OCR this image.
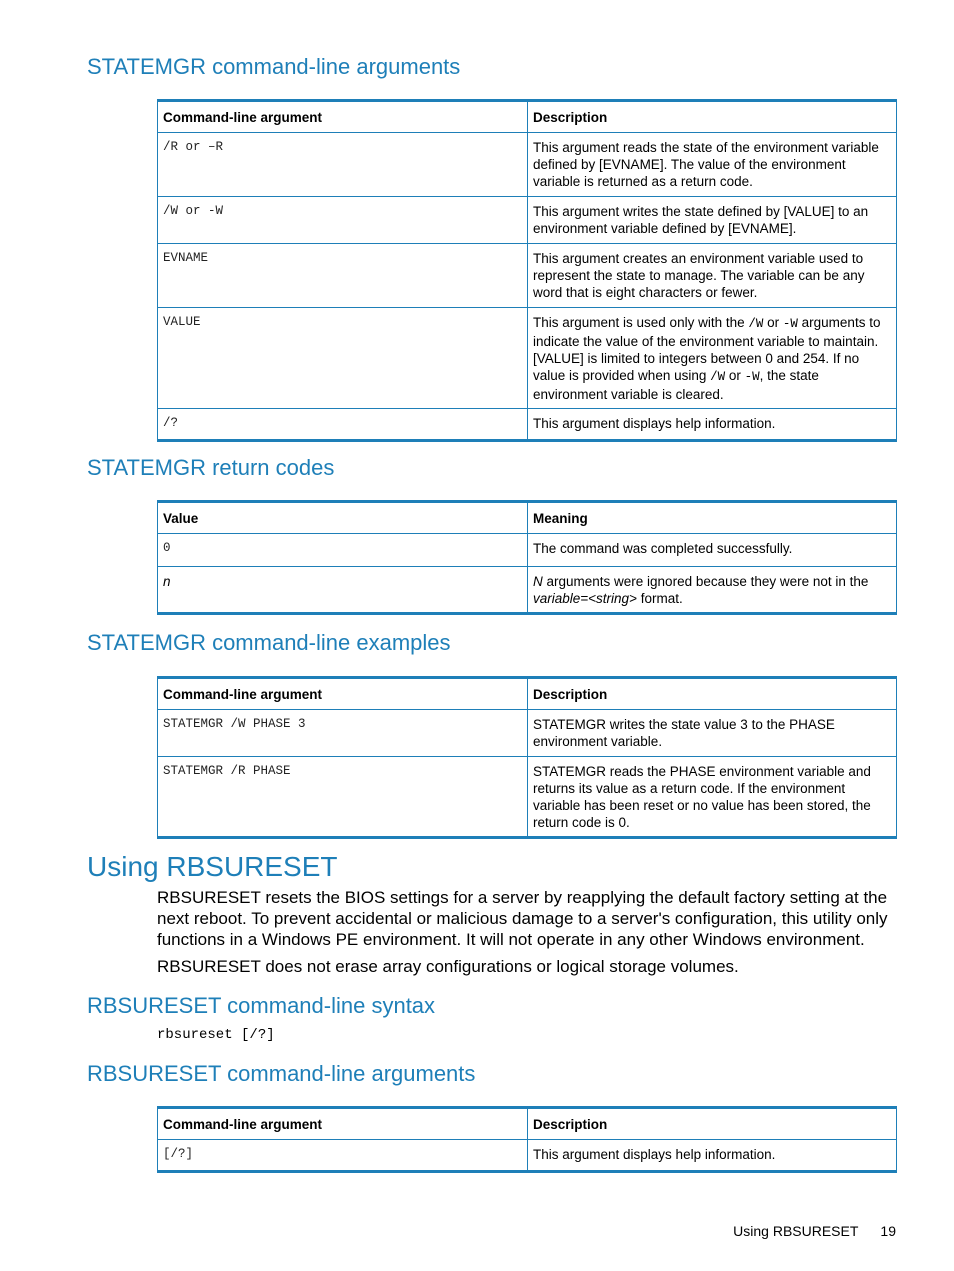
STATEMGR command-line arguments
Command-line argument	Description
/R or –R	This argument reads the state of the environment variable defined by [EVNAME]. The value of the environment variable is returned as a return code.
/W or -W	This argument writes the state defined by [VALUE] to an environment variable defined by [EVNAME].
EVNAME	This argument creates an environment variable used to represent the state to manage. The variable can be any word that is eight characters or fewer.
VALUE	This argument is used only with the /W or -W arguments to indicate the value of the environment variable to maintain. [VALUE] is limited to integers between 0 and 254. If no value is provided when using /W or -W, the state environment variable is cleared.
/?	This argument displays help information.
STATEMGR return codes
Value	Meaning
0	The command was completed successfully.
n	N arguments were ignored because they were not in the variable=<string> format.
STATEMGR command-line examples
Command-line argument	Description
STATEMGR /W PHASE 3	STATEMGR writes the state value 3 to the PHASE environment variable.
STATEMGR /R PHASE	STATEMGR reads the PHASE environment variable and returns its value as a return code. If the environment variable has been reset or no value has been stored, the return code is 0.
Using RBSURESET

RBSURESET resets the BIOS settings for a server by reapplying the default factory setting at the next reboot. To prevent accidental or malicious damage to a server's configuration, this utility only functions in a Windows PE environment. It will not operate in any other Windows environment.

RBSURESET does not erase array configurations or logical storage volumes.

RBSURESET command-line syntax
rbsureset [/?]
RBSURESET command-line arguments
Command-line argument	Description
[/?]	This argument displays help information.
Using RBSURESET 19
